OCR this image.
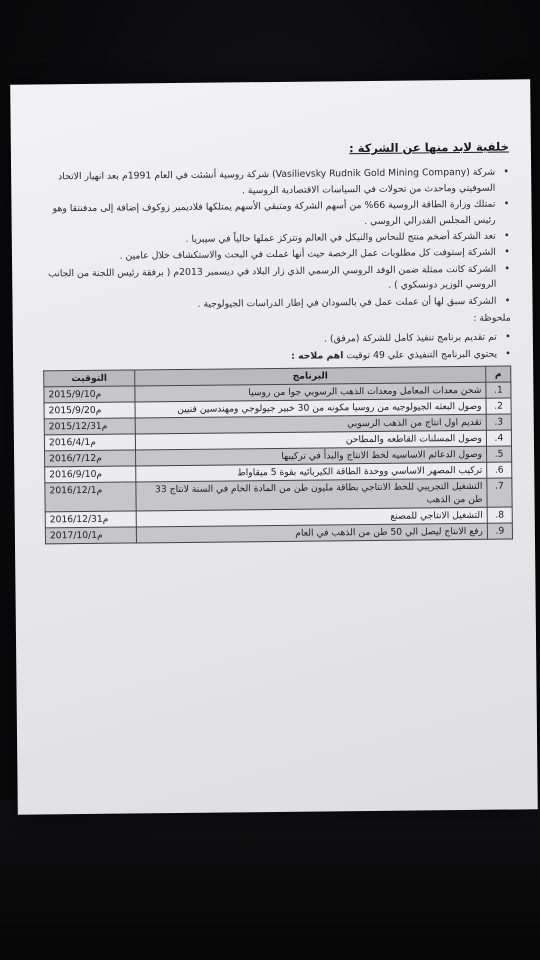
خلفية لابد منها عن الشركة :
• شركة (Vasilievsky Rudnik Gold Mining Company) شركة روسية أنشئت في العام 1991م بعد انهيار الاتحاد السوفيتي وماحدث من تحولات في السياسات الاقتصادية الروسية .
• تمتلك وزارة الطاقة الروسية 66% من أسهم الشركة ومتبقي الأسهم يمتلكها فلاديمير زوكوف إضافة إلى مدفنتقا وهو رئيس المجلس الفدرالي الروسي .
• تعد الشركة أضخم منتج للنحاس والنيكل في العالم وتتركز عملها حالياً في سيبريا .
• الشركة إستوفت كل مطلوبات عمل الرخصة حيث أنها عملت في البحث والاستكشاف خلال عامين .
• الشركة كانت ممثلة ضمن الوفد الروسي الرسمي الذي زار البلاد في ديسمبر 2013م ( برفقة رئيس اللجنة من الجانب الروسي الوزير دونسكوي ) .
• الشركة سبق لها أن عملت عمل في بالسودان في إطار الدراسات الجيولوجية .
ملحوظة :
• تم تقديم برنامج تنفيذ كامل للشركة (مرفق) .
• يحتوي البرنامج التنفيذي علي 49 توقيت اهم ملاحه :
م	البرنامج	التوقيت
1.	شحن معدات المعامل ومعدات الذهب الرسوبي جوا من روسيا	2015/9/10م
2.	وصول البعثه الجيولوجيه من روسيا مكونه من 30 خبير جيولوجي ومهندسين فنيين	2015/9/20م
3.	تقديم اول انتاج من الذهب الرسوبي	2015/12/31م
4.	وصول المسلنات القاطعه والمطاحن	2016/4/1م
5.	وصول الدعائم الاساسيه لخط الانتاج والبدأ في تركيبها	2016/7/12م
6.	تركيب المصهر الاساسي ووحدة الطاقة الكيربائيه بقوة 5 ميقاواط	2016/9/10م
7.	التشغيل التجريبي للخط الانتاجي بطاقة مليون طن من المادة الخام في السنة لانتاج 33 طن من الذهب	2016/12/1م
8.	التشغيل الانتاجي للمصنع	2016/12/31م
9.	رفع الانتاج ليصل الي 50 طن من الذهب في العام	2017/10/1م
